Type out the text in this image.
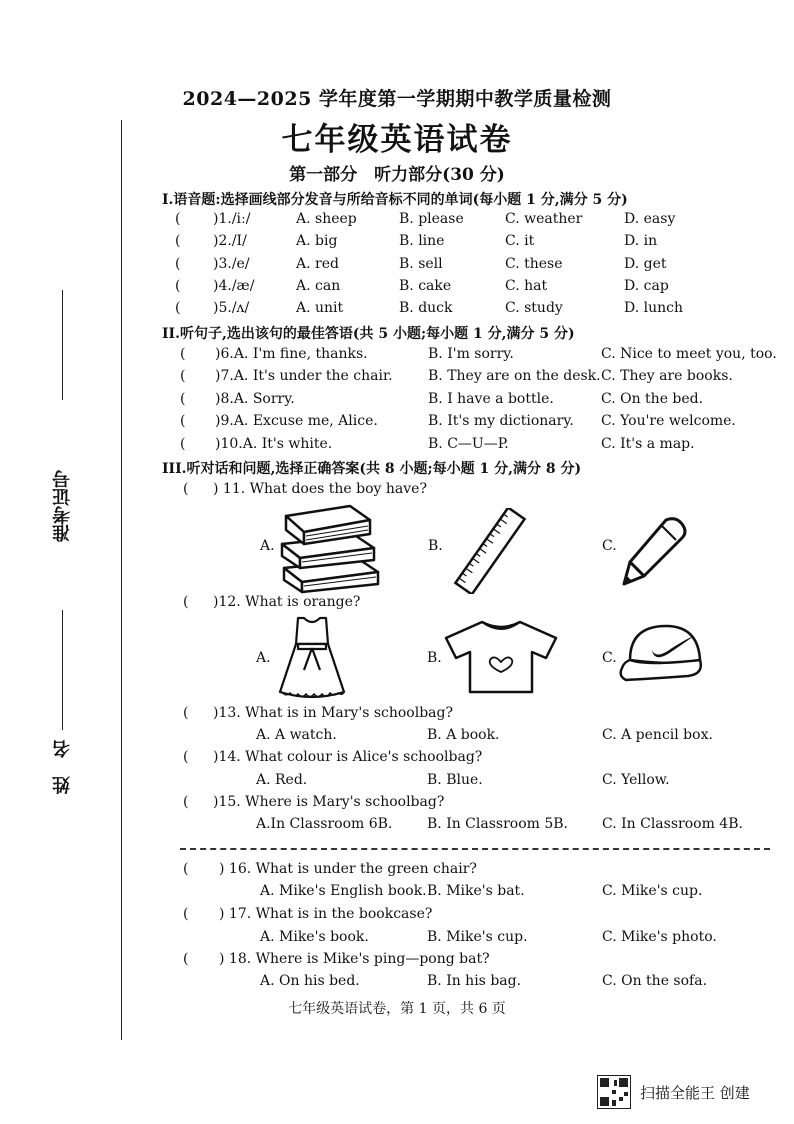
2024—2025 学年度第一学期期中教学质量检测
七年级英语试卷
第一部分　听力部分(30 分)
准考证号
姓　名
I.语音题:选择画线部分发音与所给音标不同的单词(每小题 1 分,满分 5 分)
( )1./iː/	A. sheep	B. please	C. weather	D. easy
( )2./I/	A. big	B. line	C. it	D. in
( )3./e/	A. red	B. sell	C. these	D. get
( )4./æ/	A. can	B. cake	C. hat	D. cap
( )5./ʌ/	A. unit	B. duck	C. study	D. lunch
II.听句子,选出该句的最佳答语(共 5 小题;每小题 1 分,满分 5 分)
( )6.A. I'm fine, thanks.	B. I'm sorry.	C. Nice to meet you, too.
( )7.A. It's under the chair.	B. They are on the desk. C. They are books.
( )8.A. Sorry.	B. I have a bottle.	C. On the bed.
( )9.A. Excuse me, Alice.	B. It's my dictionary. C. You're welcome.
( )10.A. It's white.	B. C—U—P.	C. It's a map.
III.听对话和问题,选择正确答案(共 8 小题;每小题 1 分,满分 8 分)
( ) 11. What does the boy have?
A.	B.	C.
( )12. What is orange?
A.	B.	C.
( )13. What is in Mary's schoolbag?
A. A watch.	B. A book.	C. A pencil box.
( )14. What colour is Alice's schoolbag?
A. Red.	B. Blue.	C. Yellow.
( )15. Where is Mary's schoolbag?
A.In Classroom 6B. B. In Classroom 5B. C. In Classroom 4B.
( ) 16. What is under the green chair?
A. Mike's English book. B. Mike's bat.	C. Mike's cup.
( ) 17. What is in the bookcase?
A. Mike's book.	B. Mike's cup.	C. Mike's photo.
( ) 18. Where is Mike's ping—pong bat?
A. On his bed.	B. In his bag.	C. On the sofa.
七年级英语试卷，第 1 页，共 6 页
扫描全能王 创建
